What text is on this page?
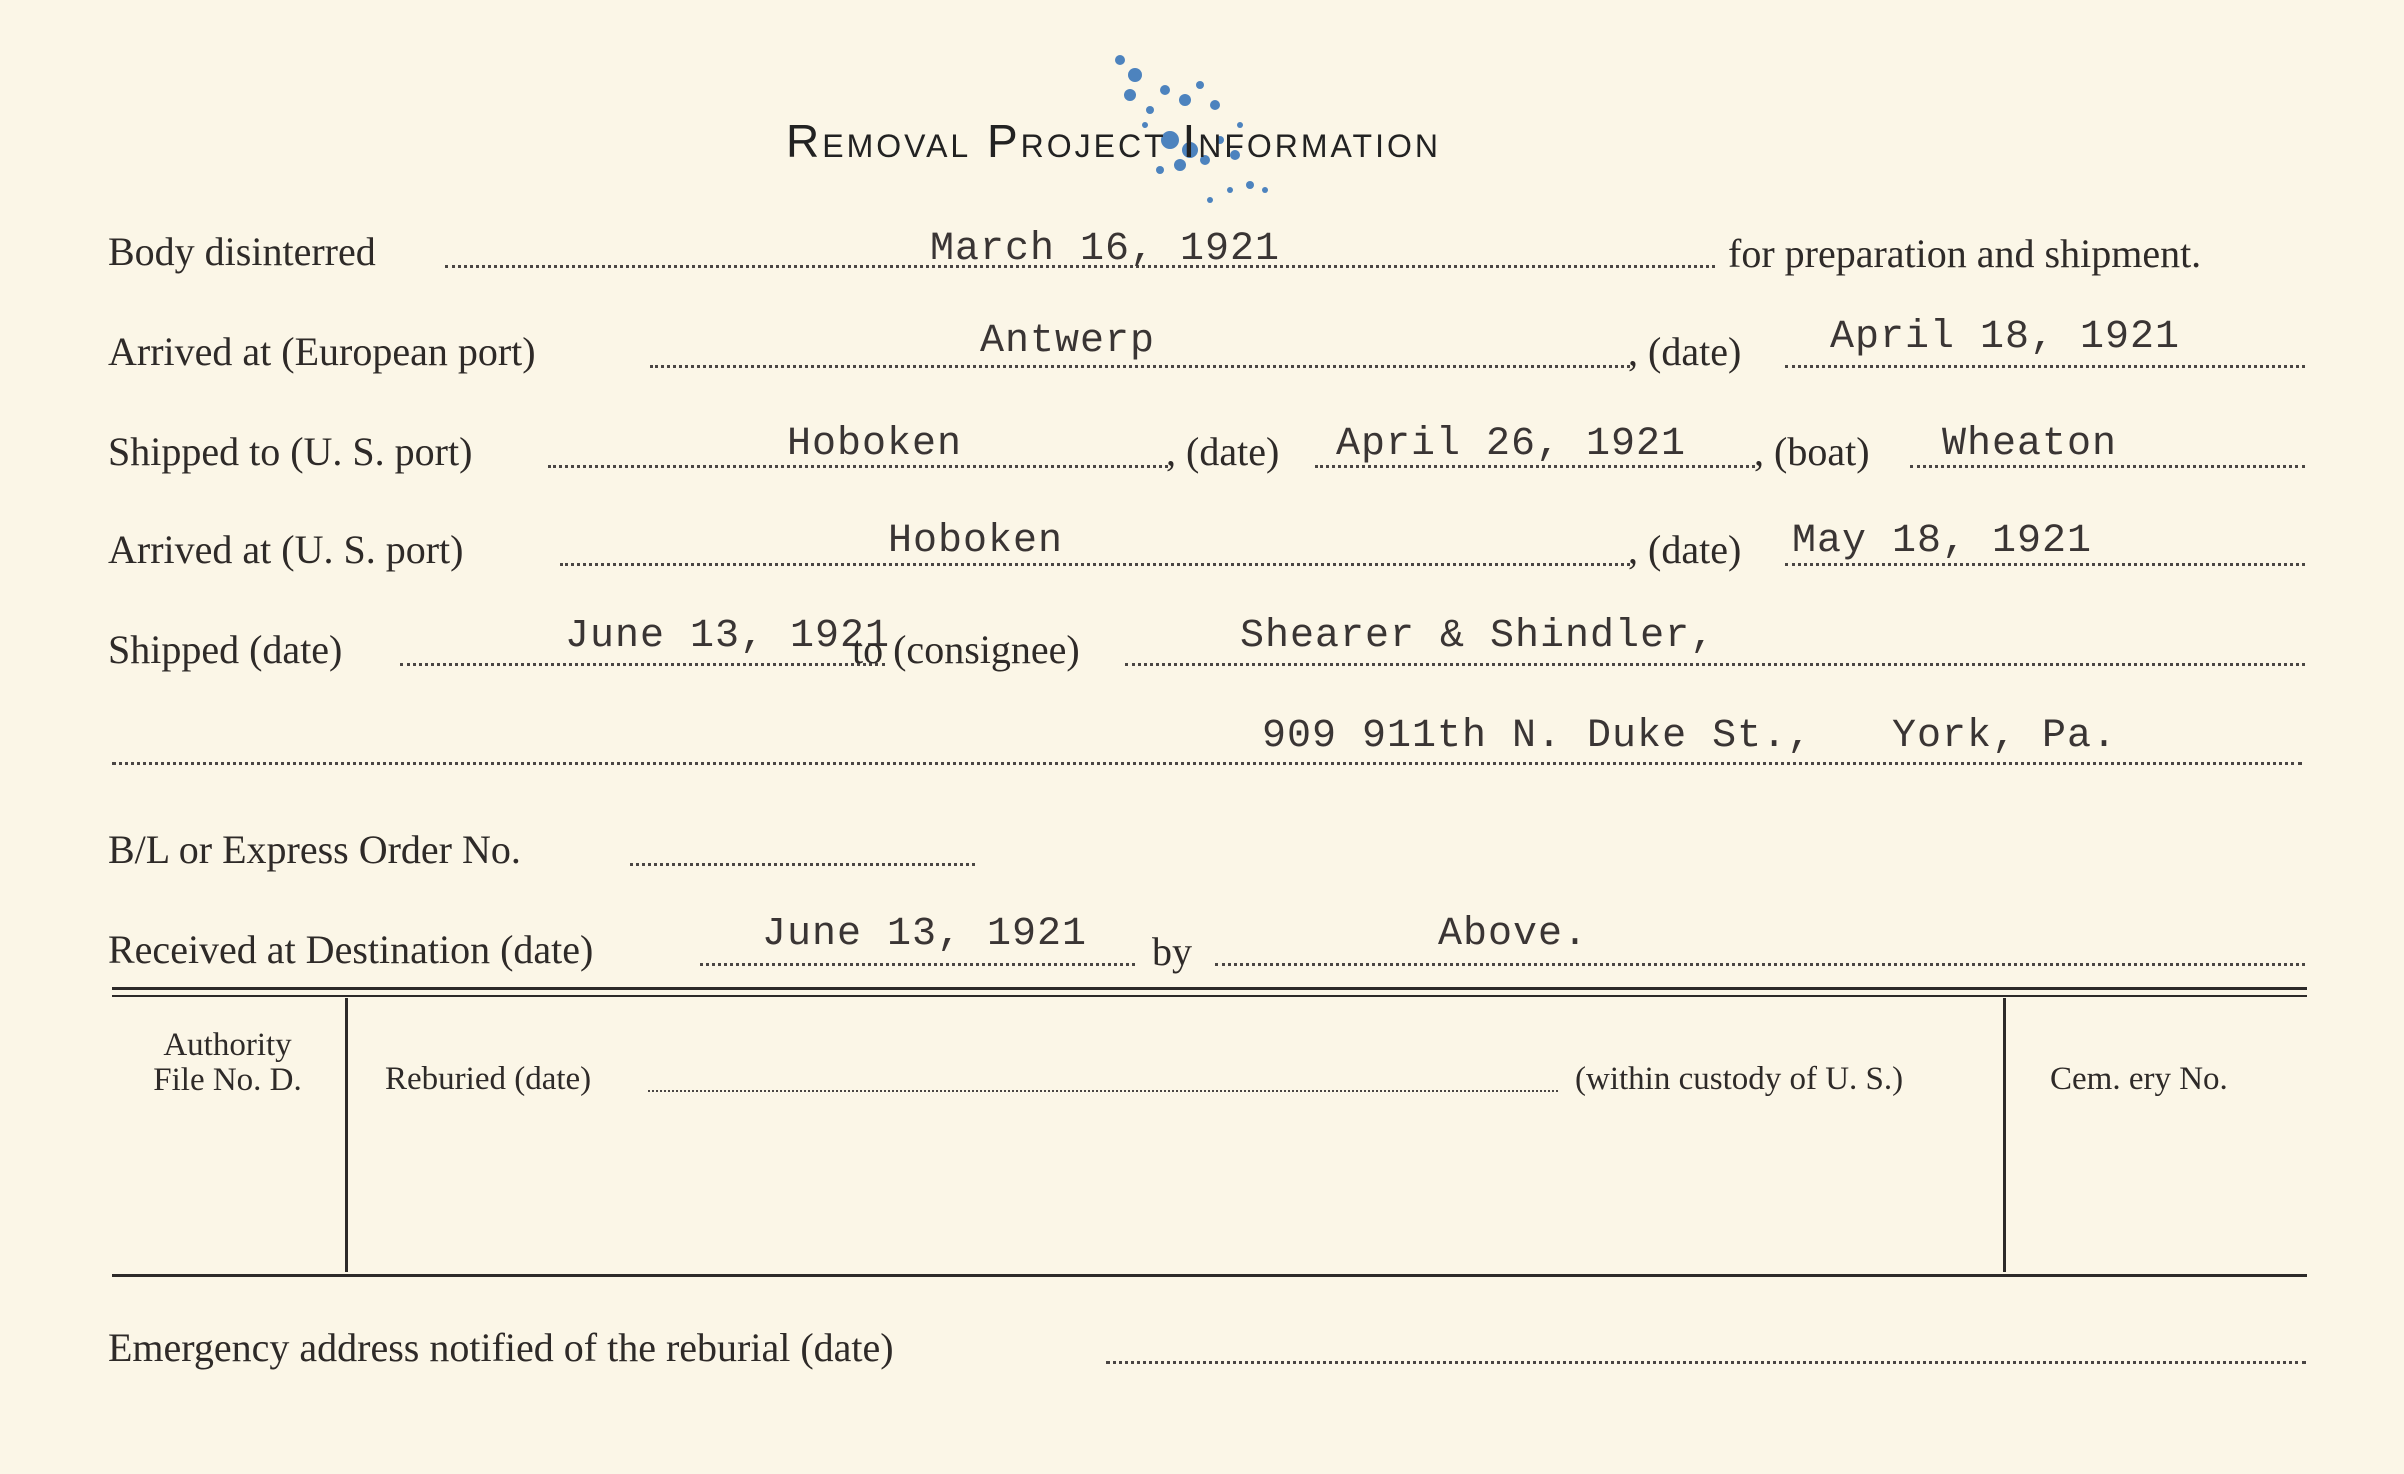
Removal Project Information
Body disinterred	March 16, 1921	for preparation and shipment.
Arrived at (European port)	Antwerp	, (date) April 18, 1921
Shipped to (U. S. port)	Hoboken	, (date) April 26, 1921 , (boat) Wheaton
Arrived at (U. S. port)	Hoboken	, (date) May 18, 1921
Shipped (date)	June 13, 1921
to (consignee)	Shearer & Shindler,
909 911th N. Duke St., York, Pa.
B/L or Express Order No.
Received at Destination (date)	June 13, 1921 by	Above.
Authority
File No. D.	Reburied (date)	(within custody of U. S.)	Cem. ery No.
Emergency address notified of the reburial (date)
